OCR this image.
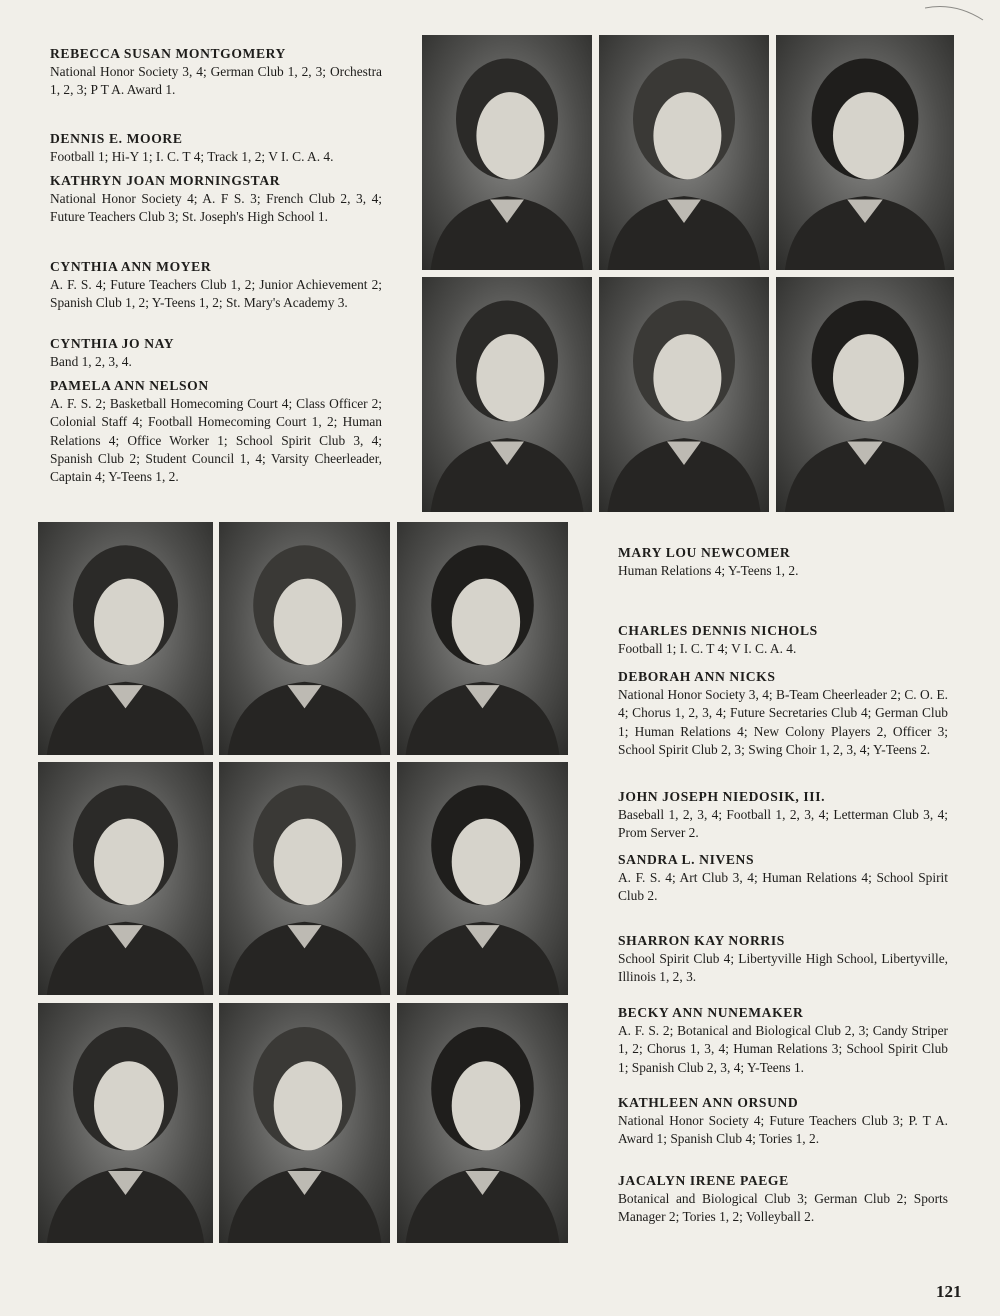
REBECCA SUSAN MONTGOMERY
National Honor Society 3, 4; German Club 1, 2, 3; Orchestra 1, 2, 3; P T A. Award 1.
DENNIS E. MOORE
Football 1; Hi-Y 1; I. C. T 4; Track 1, 2; V I. C. A. 4.
KATHRYN JOAN MORNINGSTAR
National Honor Society 4; A. F S. 3; French Club 2, 3, 4; Future Teachers Club 3; St. Joseph's High School 1.
CYNTHIA ANN MOYER
A. F. S. 4; Future Teachers Club 1, 2; Junior Achievement 2; Spanish Club 1, 2; Y-Teens 1, 2; St. Mary's Academy 3.
CYNTHIA JO NAY
Band 1, 2, 3, 4.
PAMELA ANN NELSON
A. F. S. 2; Basketball Homecoming Court 4; Class Officer 2; Colonial Staff 4; Football Homecoming Court 1, 2; Human Relations 4; Office Worker 1; School Spirit Club 3, 4; Spanish Club 2; Student Council 1, 4; Varsity Cheerleader, Captain 4; Y-Teens 1, 2.
MARY LOU NEWCOMER
Human Relations 4; Y-Teens 1, 2.
CHARLES DENNIS NICHOLS
Football 1; I. C. T 4; V I. C. A. 4.
DEBORAH ANN NICKS
National Honor Society 3, 4; B-Team Cheerleader 2; C. O. E. 4; Chorus 1, 2, 3, 4; Future Secretaries Club 4; German Club 1; Human Relations 4; New Colony Players 2, Officer 3; School Spirit Club 2, 3; Swing Choir 1, 2, 3, 4; Y-Teens 2.
JOHN JOSEPH NIEDOSIK, III.
Baseball 1, 2, 3, 4; Football 1, 2, 3, 4; Letterman Club 3, 4; Prom Server 2.
SANDRA L. NIVENS
A. F. S. 4; Art Club 3, 4; Human Relations 4; School Spirit Club 2.
SHARRON KAY NORRIS
School Spirit Club 4; Libertyville High School, Libertyville, Illinois 1, 2, 3.
BECKY ANN NUNEMAKER
A. F. S. 2; Botanical and Biological Club 2, 3; Candy Striper 1, 2; Chorus 1, 3, 4; Human Relations 3; School Spirit Club 1; Spanish Club 2, 3, 4; Y-Teens 1.
KATHLEEN ANN ORSUND
National Honor Society 4; Future Teachers Club 3; P. T A. Award 1; Spanish Club 4; Tories 1, 2.
JACALYN IRENE PAEGE
Botanical and Biological Club 3; German Club 2; Sports Manager 2; Tories 1, 2; Volleyball 2.
121
